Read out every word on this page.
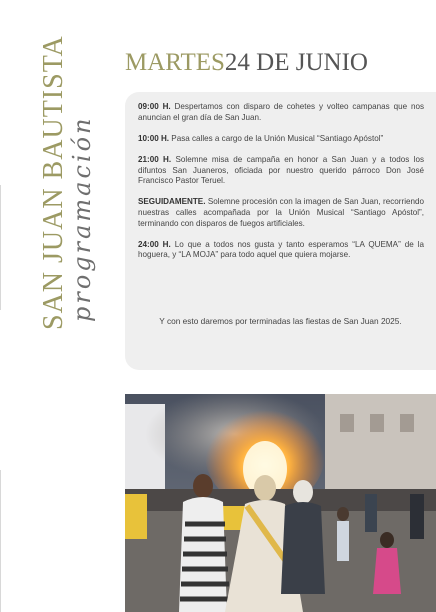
SAN JUAN BAUTISTA programación
MARTES24 DE JUNIO

09:00 H. Despertamos con disparo de cohetes y volteo campanas que nos anuncian el gran día de San Juan.

10:00 H. Pasa calles a cargo de la Unión Musical “Santiago Apóstol”

21:00 H. Solemne misa de campaña en honor a San Juan y a todos los difuntos San Juaneros, oficiada por nuestro querido párroco Don José Francisco Pastor Teruel.

SEGUIDAMENTE. Solemne procesión con la imagen de San Juan, recorriendo nuestras calles acompañada por la Unión Musical “Santiago Apóstol”, terminando con disparos de fuegos artificiales.

24:00 H. Lo que a todos nos gusta y tanto esperamos “LA QUEMA” de la hoguera, y “LA MOJA” para todo aquel que quiera mojarse.

Y con esto daremos por terminadas las fiestas de San Juan 2025.
